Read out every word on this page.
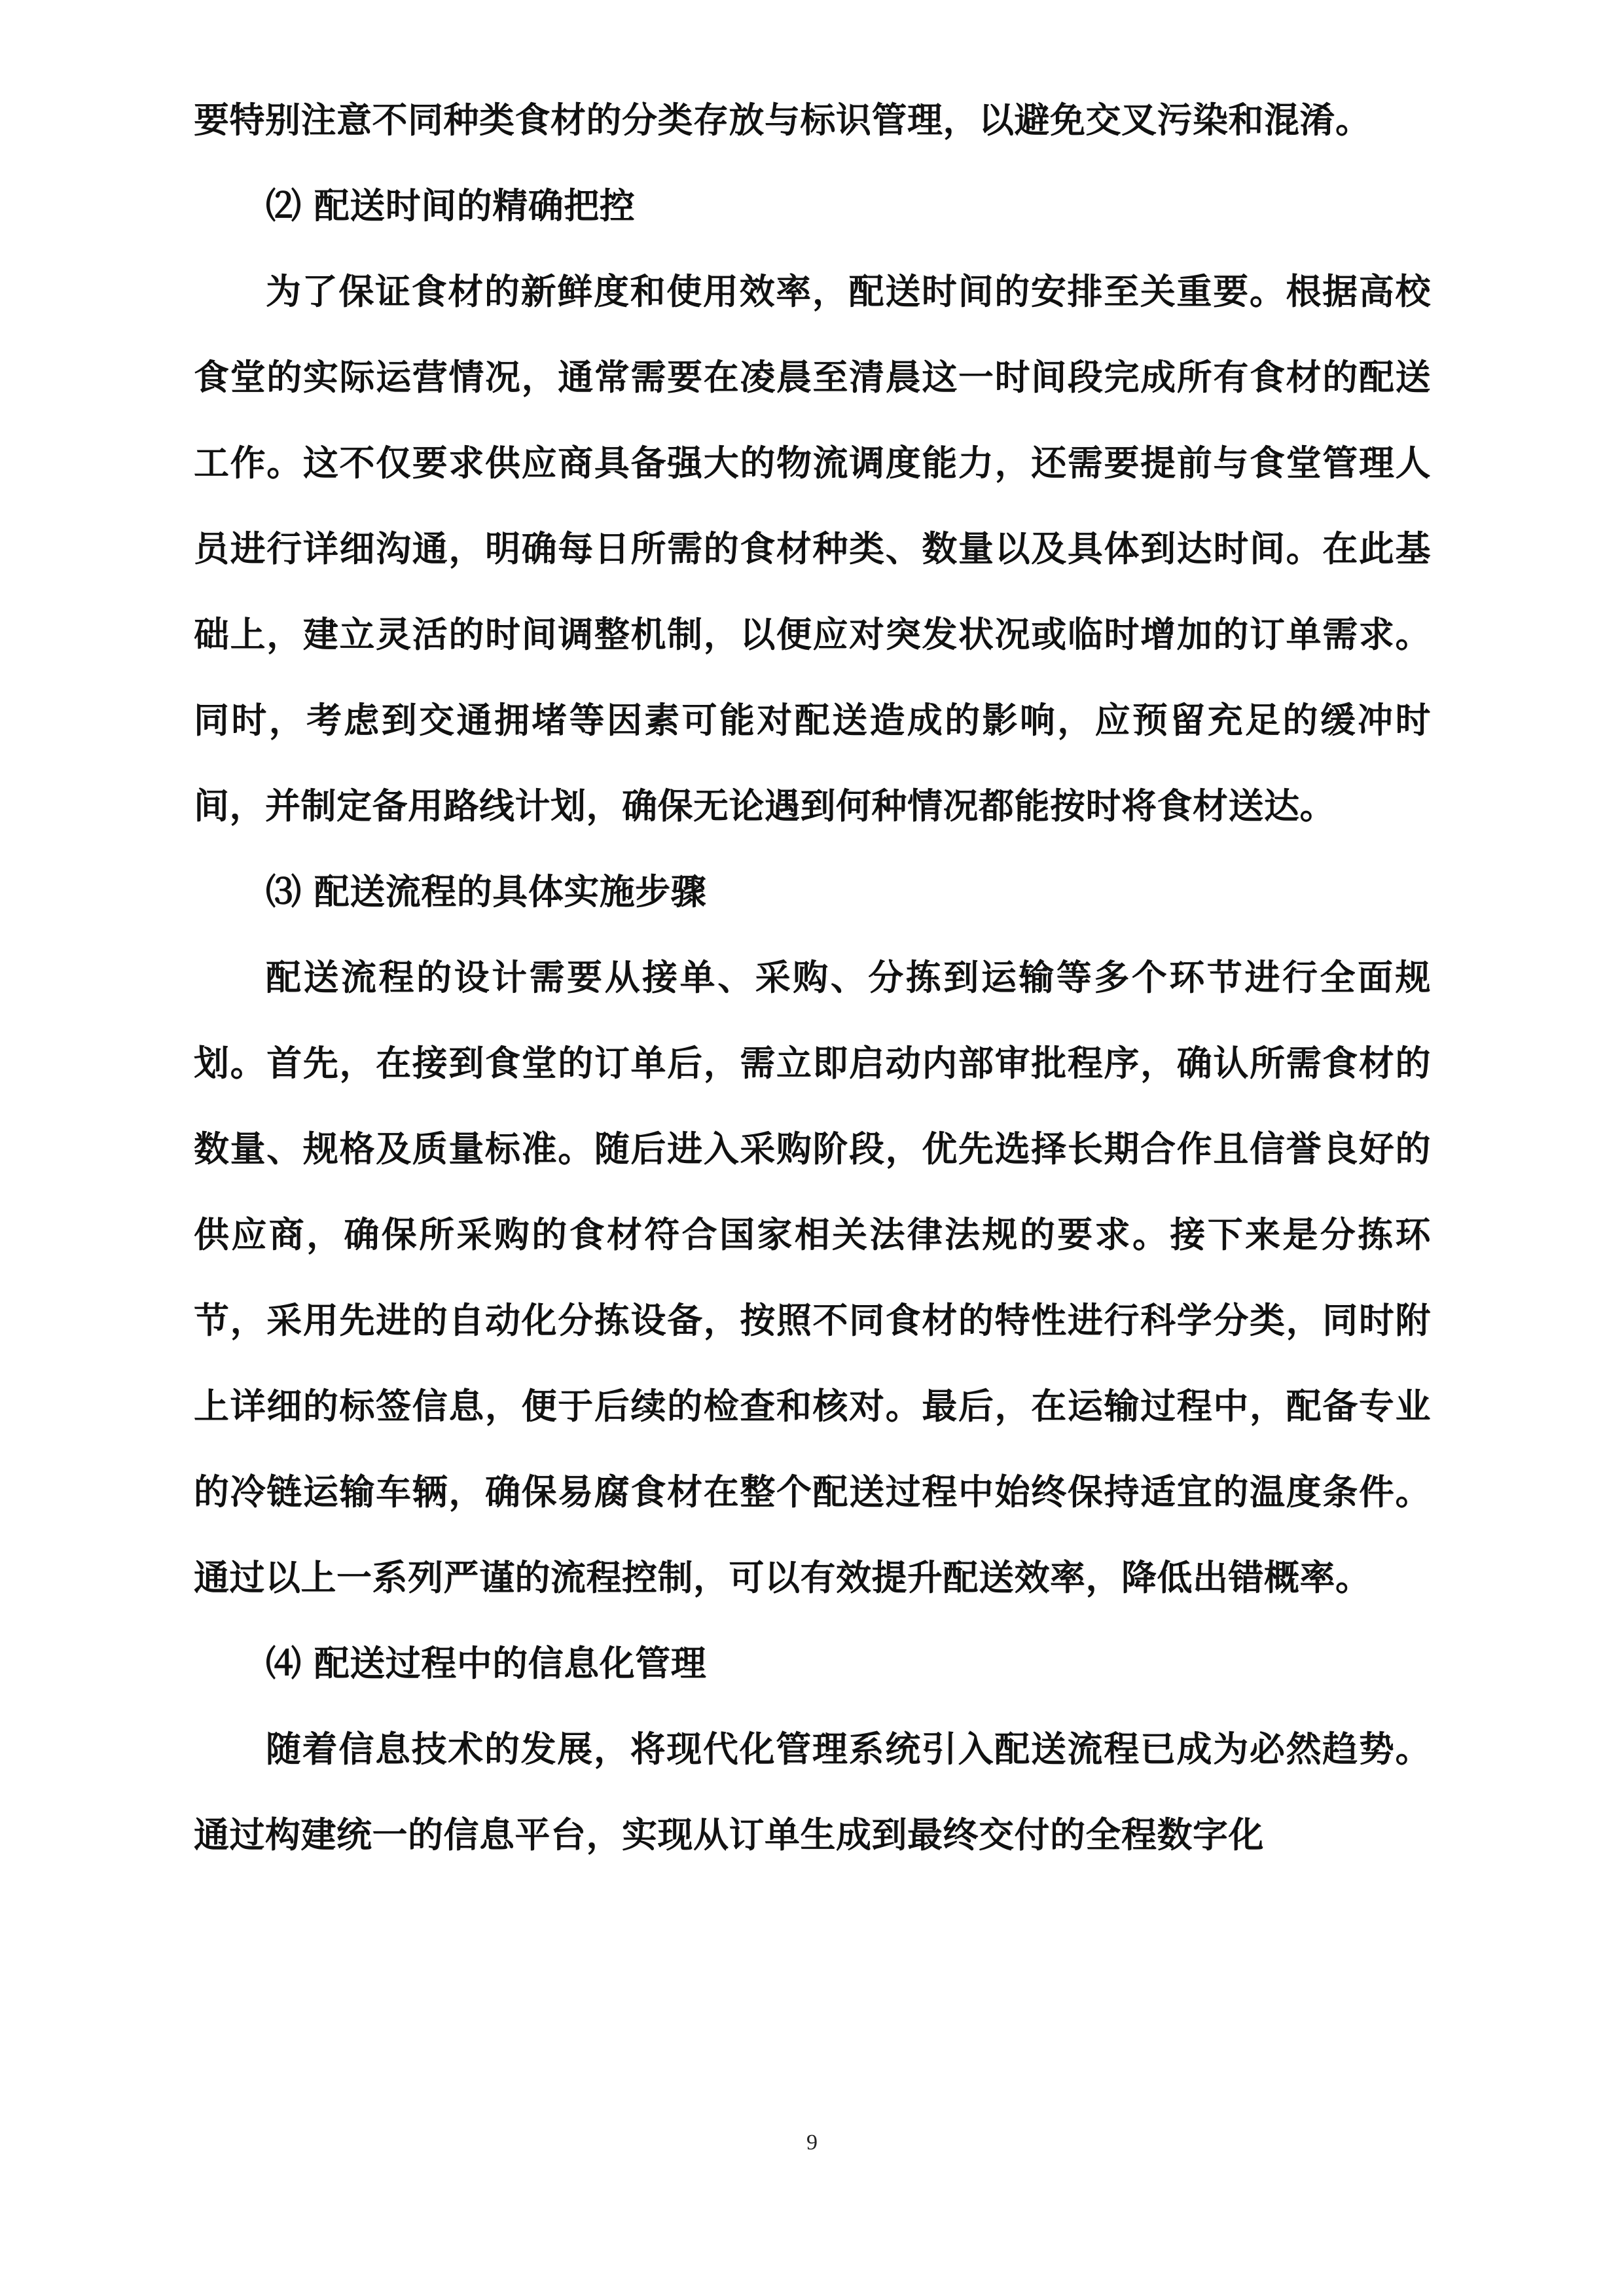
要特别注意不同种类食材的分类存放与标识管理，以避免交叉污染和混淆。

⑵ 配送时间的精确把控

为了保证食材的新鲜度和使用效率，配送时间的安排至关重要。根据高校食堂的实际运营情况，通常需要在凌晨至清晨这一时间段完成所有食材的配送工作。这不仅要求供应商具备强大的物流调度能力，还需要提前与食堂管理人员进行详细沟通，明确每日所需的食材种类、数量以及具体到达时间。在此基础上，建立灵活的时间调整机制，以便应对突发状况或临时增加的订单需求。同时，考虑到交通拥堵等因素可能对配送造成的影响，应预留充足的缓冲时间，并制定备用路线计划，确保无论遇到何种情况都能按时将食材送达。

⑶ 配送流程的具体实施步骤

配送流程的设计需要从接单、采购、分拣到运输等多个环节进行全面规划。首先，在接到食堂的订单后，需立即启动内部审批程序，确认所需食材的数量、规格及质量标准。随后进入采购阶段，优先选择长期合作且信誉良好的供应商，确保所采购的食材符合国家相关法律法规的要求。接下来是分拣环节，采用先进的自动化分拣设备，按照不同食材的特性进行科学分类，同时附上详细的标签信息，便于后续的检查和核对。最后，在运输过程中，配备专业的冷链运输车辆，确保易腐食材在整个配送过程中始终保持适宜的温度条件。通过以上一系列严谨的流程控制，可以有效提升配送效率，降低出错概率。

⑷ 配送过程中的信息化管理

随着信息技术的发展，将现代化管理系统引入配送流程已成为必然趋势。通过构建统一的信息平台，实现从订单生成到最终交付的全程数字化

9
